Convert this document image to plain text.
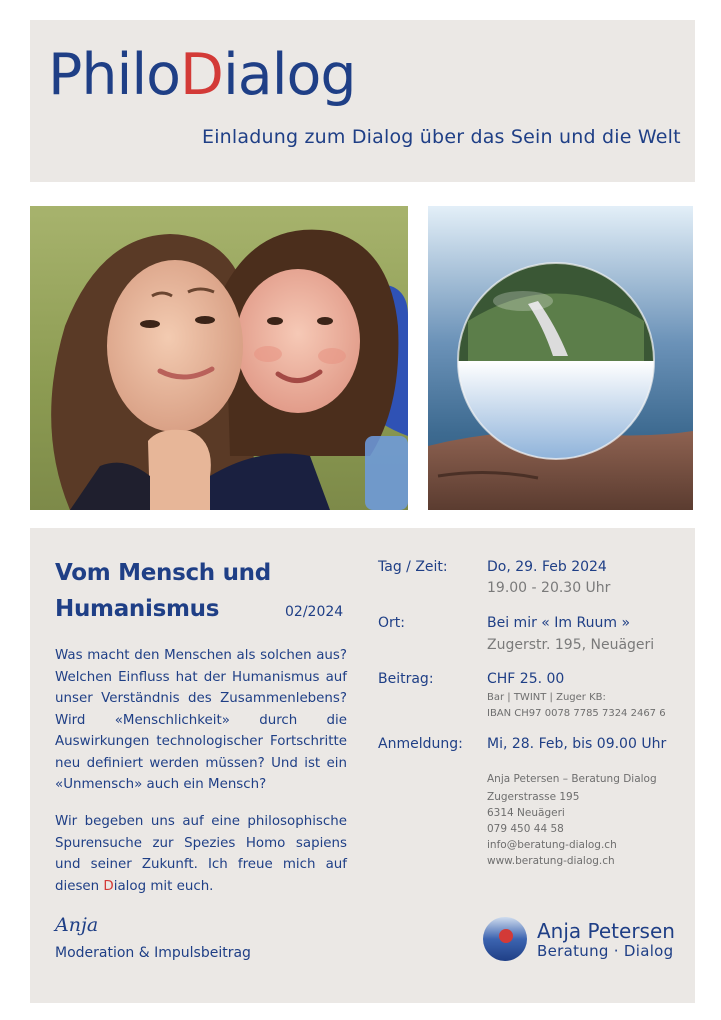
PhiloDialog
Einladung zum Dialog über das Sein und die Welt
Vom Mensch und
Humanismus	02/2024

Was macht den Menschen als solchen aus? Welchen Einfluss hat der Humanismus auf unser Verständnis des Zusammenlebens? Wird «Menschlichkeit» durch die Auswirkungen technologischer Fortschritte neu definiert werden müssen? Und ist ein «Unmensch» auch ein Mensch?

Wir begeben uns auf eine philosophische Spurensuche zur Spezies Homo sapiens und seiner Zukunft. Ich freue mich auf diesen Dialog mit euch.

Anja
Moderation & Impulsbeitrag
Tag / Zeit:	Do, 29. Feb 2024
19.00 - 20.30 Uhr
Ort:	Bei mir « Im Ruum »
Zugerstr. 195, Neuägeri
Beitrag:	CHF 25. 00
Bar | TWINT | Zuger KB:
IBAN CH97 0078 7785 7324 2467 6
Anmeldung: Mi, 28. Feb, bis 09.00 Uhr
Anja Petersen – Beratung Dialog
Zugerstrasse 195
6314 Neuägeri
079 450 44 58
info@beratung-dialog.ch
www.beratung-dialog.ch
Anja Petersen
Beratung · Dialog
